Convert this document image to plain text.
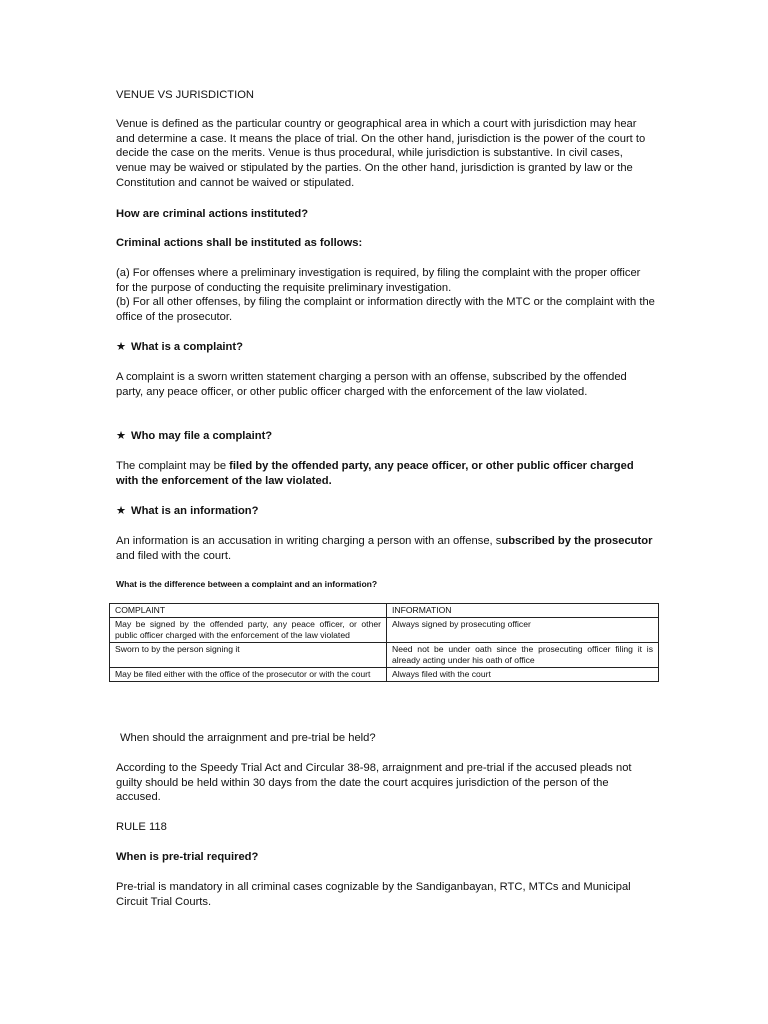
VENUE VS JURISDICTION

Venue is defined as the particular country or geographical area in which a court with jurisdiction may hear and determine a case. It means the place of trial. On the other hand, jurisdiction is the power of the court to decide the case on the merits. Venue is thus procedural, while jurisdiction is substantive. In civil cases, venue may be waived or stipulated by the parties. On the other hand, jurisdiction is granted by law or the Constitution and cannot be waived or stipulated.

How are criminal actions instituted?

Criminal actions shall be instituted as follows:

(a) For offenses where a preliminary investigation is required, by filing the complaint with the proper officer for the purpose of conducting the requisite preliminary investigation.

(b) For all other offenses, by filing the complaint or information directly with the MTC or the complaint with the office of the prosecutor.

★ What is a complaint?

A complaint is a sworn written statement charging a person with an offense, subscribed by the offended party, any peace officer, or other public officer charged with the enforcement of the law violated.

★ Who may file a complaint?

The complaint may be filed by the offended party, any peace officer, or other public officer charged with the enforcement of the law violated.

★ What is an information?

An information is an accusation in writing charging a person with an offense, subscribed by the prosecutor and filed with the court.

What is the difference between a complaint and an information?

COMPLAINT	INFORMATION
May be signed by the offended party, any peace officer, or other public officer charged with the enforcement of the law violated	Always signed by prosecuting officer
Sworn to by the person signing it	Need not be under oath since the prosecuting officer filing it is already acting under his oath of office
May be filed either with the office of the prosecutor or with the court	Always filed with the court

When should the arraignment and pre-trial be held?

According to the Speedy Trial Act and Circular 38-98, arraignment and pre-trial if the accused pleads not guilty should be held within 30 days from the date the court acquires jurisdiction of the person of the accused.

RULE 118

When is pre-trial required?

Pre-trial is mandatory in all criminal cases cognizable by the Sandiganbayan, RTC, MTCs and Municipal Circuit Trial Courts.
